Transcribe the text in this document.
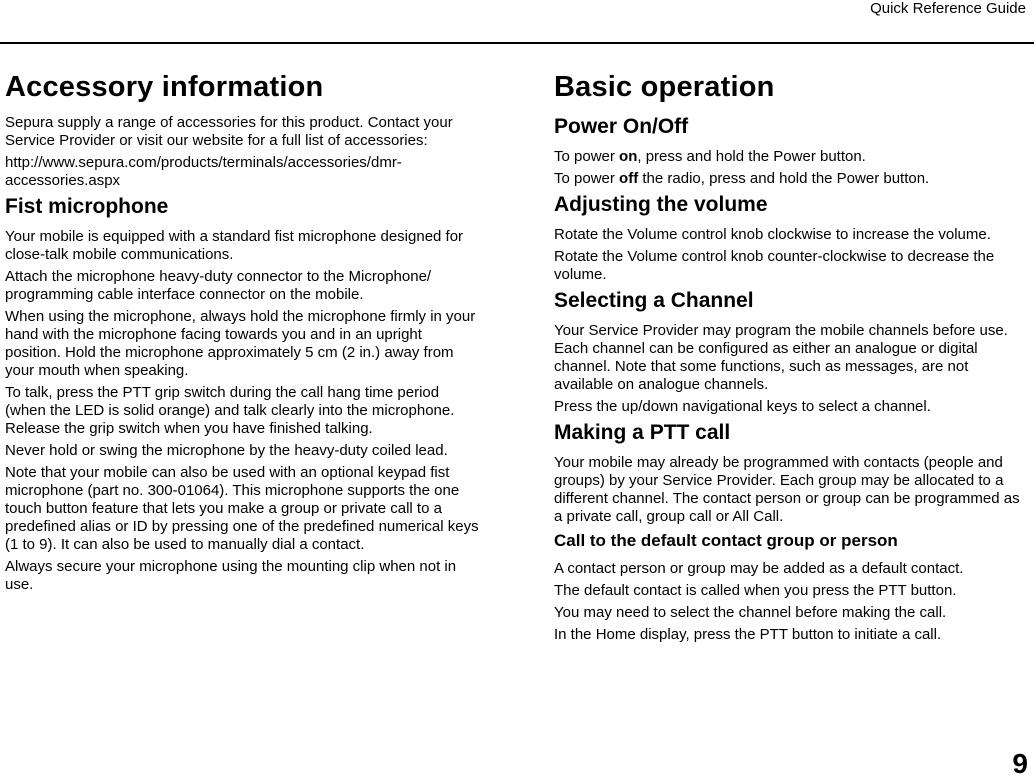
Quick Reference Guide
Accessory information

Sepura supply a range of accessories for this product. Contact your Service Provider or visit our website for a full list of accessories:

http://www.sepura.com/products/terminals/accessories/dmr-accessories.aspx

Fist microphone

Your mobile is equipped with a standard fist microphone designed for close-talk mobile communications.

Attach the microphone heavy-duty connector to the Microphone/ programming cable interface connector on the mobile.

When using the microphone, always hold the microphone firmly in your hand with the microphone facing towards you and in an upright position. Hold the microphone approximately 5 cm (2 in.) away from your mouth when speaking.

To talk, press the PTT grip switch during the call hang time period (when the LED is solid orange) and talk clearly into the microphone. Release the grip switch when you have finished talking.

Never hold or swing the microphone by the heavy-duty coiled lead.

Note that your mobile can also be used with an optional keypad fist microphone (part no. 300-01064). This microphone supports the one touch button feature that lets you make a group or private call to a predefined alias or ID by pressing one of the predefined numerical keys (1 to 9). It can also be used to manually dial a contact.

Always secure your microphone using the mounting clip when not in use.

Basic operation
Power On/Off

To power on, press and hold the Power button.

To power off the radio, press and hold the Power button.

Adjusting the volume

Rotate the Volume control knob clockwise to increase the volume.

Rotate the Volume control knob counter-clockwise to decrease the volume.

Selecting a Channel

Your Service Provider may program the mobile channels before use. Each channel can be configured as either an analogue or digital channel. Note that some functions, such as messages, are not available on analogue channels.

Press the up/down navigational keys to select a channel.

Making a PTT call

Your mobile may already be programmed with contacts (people and groups) by your Service Provider. Each group may be allocated to a different channel. The contact person or group can be programmed as a private call, group call or All Call.

Call to the default contact group or person

A contact person or group may be added as a default contact.

The default contact is called when you press the PTT button.

You may need to select the channel before making the call.

In the Home display, press the PTT button to initiate a call.

9
